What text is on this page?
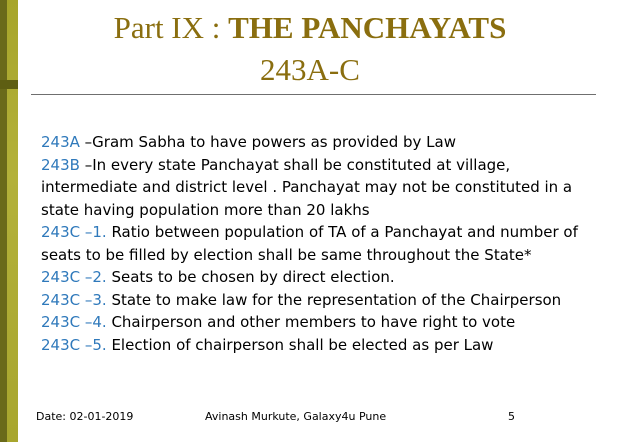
Part IX : THE PANCHAYATS
243A-C

243A –Gram Sabha to have powers as provided by Law

243B –In every state Panchayat shall be constituted at village, intermediate and district level . Panchayat may not be constituted in a state having population more than 20 lakhs

243C –1. Ratio between population of TA of a Panchayat and number of seats to be filled by election shall be same throughout the State*

243C –2. Seats to be chosen by direct election.

243C –3. State to make law for the representation of the Chairperson

243C –4. Chairperson and other members to have right to vote

243C –5. Election of chairperson shall be elected as per Law

Date: 02-01-2019	Avinash Murkute, Galaxy4u Pune	5
